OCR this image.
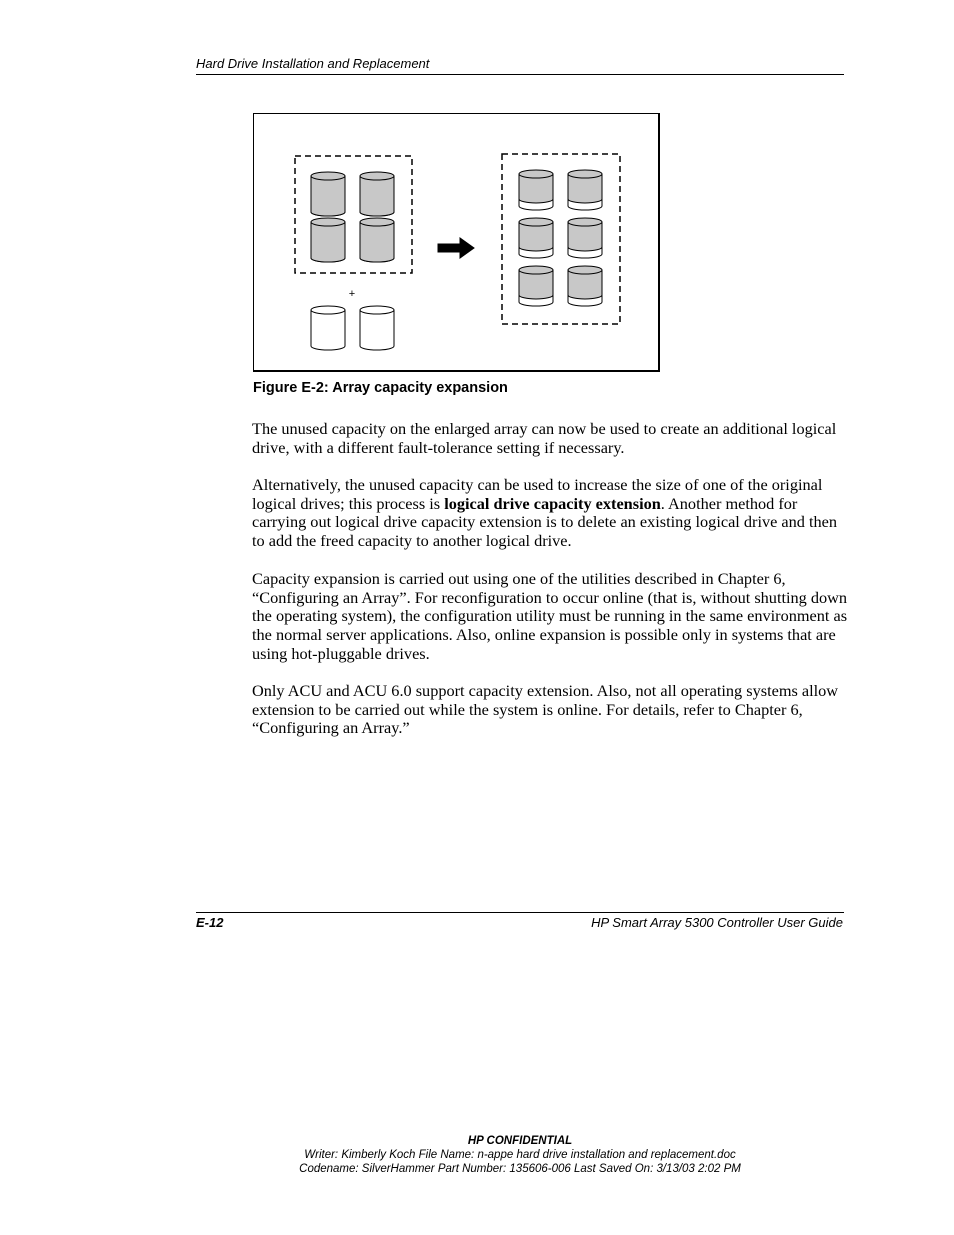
Hard Drive Installation and Replacement
+
Figure E-2: Array capacity expansion

The unused capacity on the enlarged array can now be used to create an additional logical drive, with a different fault-tolerance setting if necessary.

Alternatively, the unused capacity can be used to increase the size of one of the original logical drives; this process is logical drive capacity extension. Another method for carrying out logical drive capacity extension is to delete an existing logical drive and then to add the freed capacity to another logical drive.

Capacity expansion is carried out using one of the utilities described in Chapter 6, “Configuring an Array”. For reconfiguration to occur online (that is, without shutting down the operating system), the configuration utility must be running in the same environment as the normal server applications. Also, online expansion is possible only in systems that are using hot-pluggable drives.

Only ACU and ACU 6.0 support capacity extension. Also, not all operating systems allow extension to be carried out while the system is online. For details, refer to Chapter 6, “Configuring an Array.”

E-12	HP Smart Array 5300 Controller User Guide
HP CONFIDENTIAL
Writer: Kimberly Koch File Name: n-appe hard drive installation and replacement.doc
Codename: SilverHammer Part Number: 135606-006 Last Saved On: 3/13/03 2:02 PM
